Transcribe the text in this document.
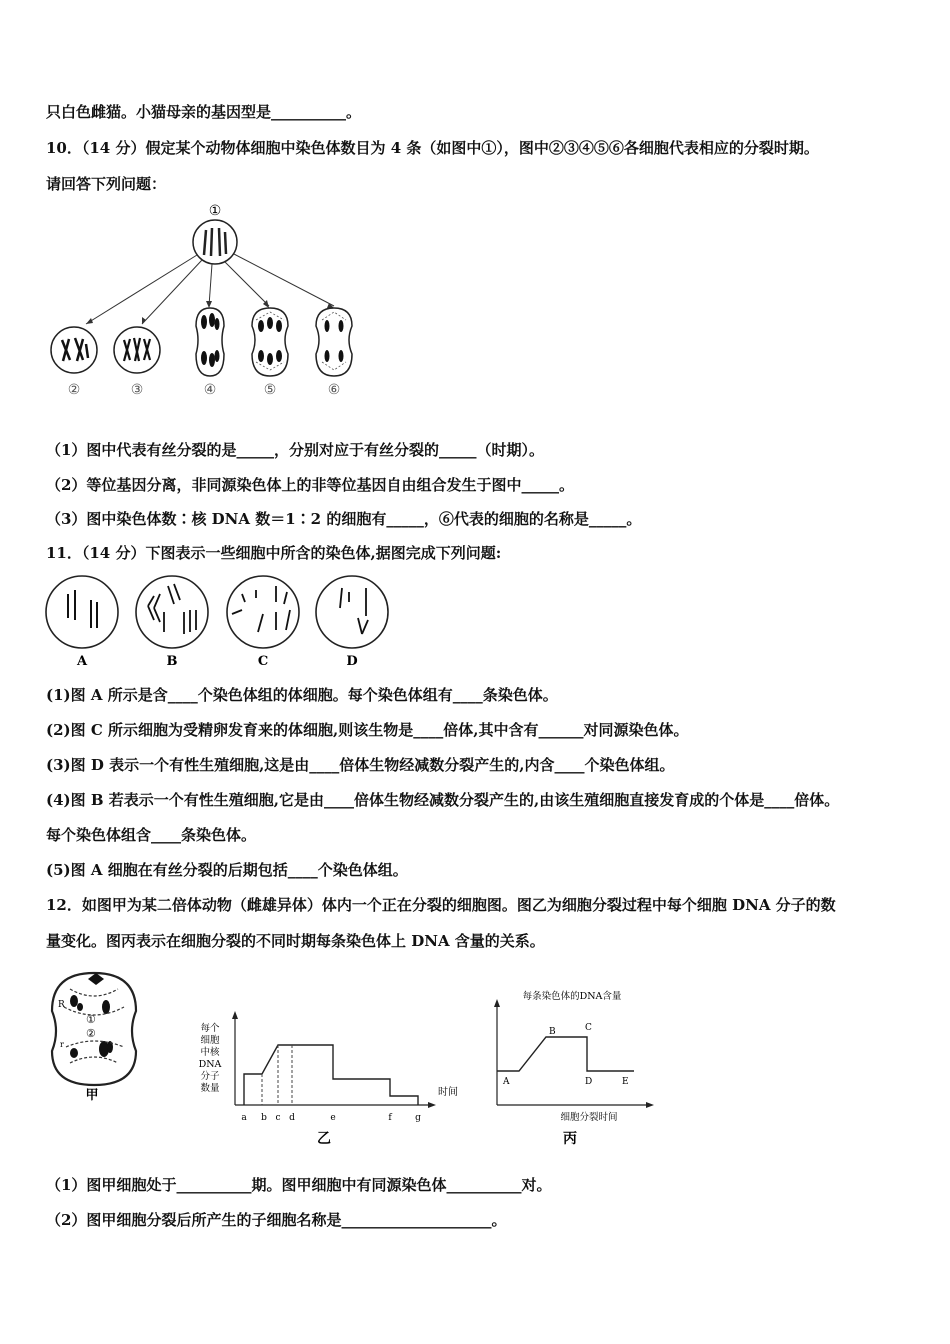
只白色雌猫。小猫母亲的基因型是__________。
10．（14 分）假定某个动物体细胞中染色体数目为 4 条（如图中①），图中②③④⑤⑥各细胞代表相应的分裂时期。
请回答下列问题：
①
②	③	④	⑤	⑥
（1）图中代表有丝分裂的是_____，分别对应于有丝分裂的_____（时期）。
（2）等位基因分离，非同源染色体上的非等位基因自由组合发生于图中_____。
（3）图中染色体数∶核 DNA 数＝1∶2 的细胞有_____，⑥代表的细胞的名称是_____。
11．（14 分）下图表示一些细胞中所含的染色体,据图完成下列问题:
A	B	C	D
(1)图 A 所示是含____个染色体组的体细胞。每个染色体组有____条染色体。
(2)图 C 所示细胞为受精卵发育来的体细胞,则该生物是____倍体,其中含有______对同源染色体。
(3)图 D 表示一个有性生殖细胞,这是由____倍体生物经减数分裂产生的,内含____个染色体组。
(4)图 B 若表示一个有性生殖细胞,它是由____倍体生物经减数分裂产生的,由该生殖细胞直接发育成的个体是____倍体。
每个染色体组含____条染色体。
(5)图 A 细胞在有丝分裂的后期包括____个染色体组。
12．如图甲为某二倍体动物（雌雄异体）体内一个正在分裂的细胞图。图乙为细胞分裂过程中每个细胞 DNA 分子的数
量变化。图丙表示在细胞分裂的不同时期每条染色体上 DNA 含量的关系。
R
r
①
②
甲
每个
细胞
中核
DNA
分子
数量	时间
a b c d	e	f	g
乙
每条染色体的DNA含量
A
B	C
D	E
细胞分裂时间
丙
（1）图甲细胞处于__________期。图甲细胞中有同源染色体__________对。
（2）图甲细胞分裂后所产生的子细胞名称是____________________。
